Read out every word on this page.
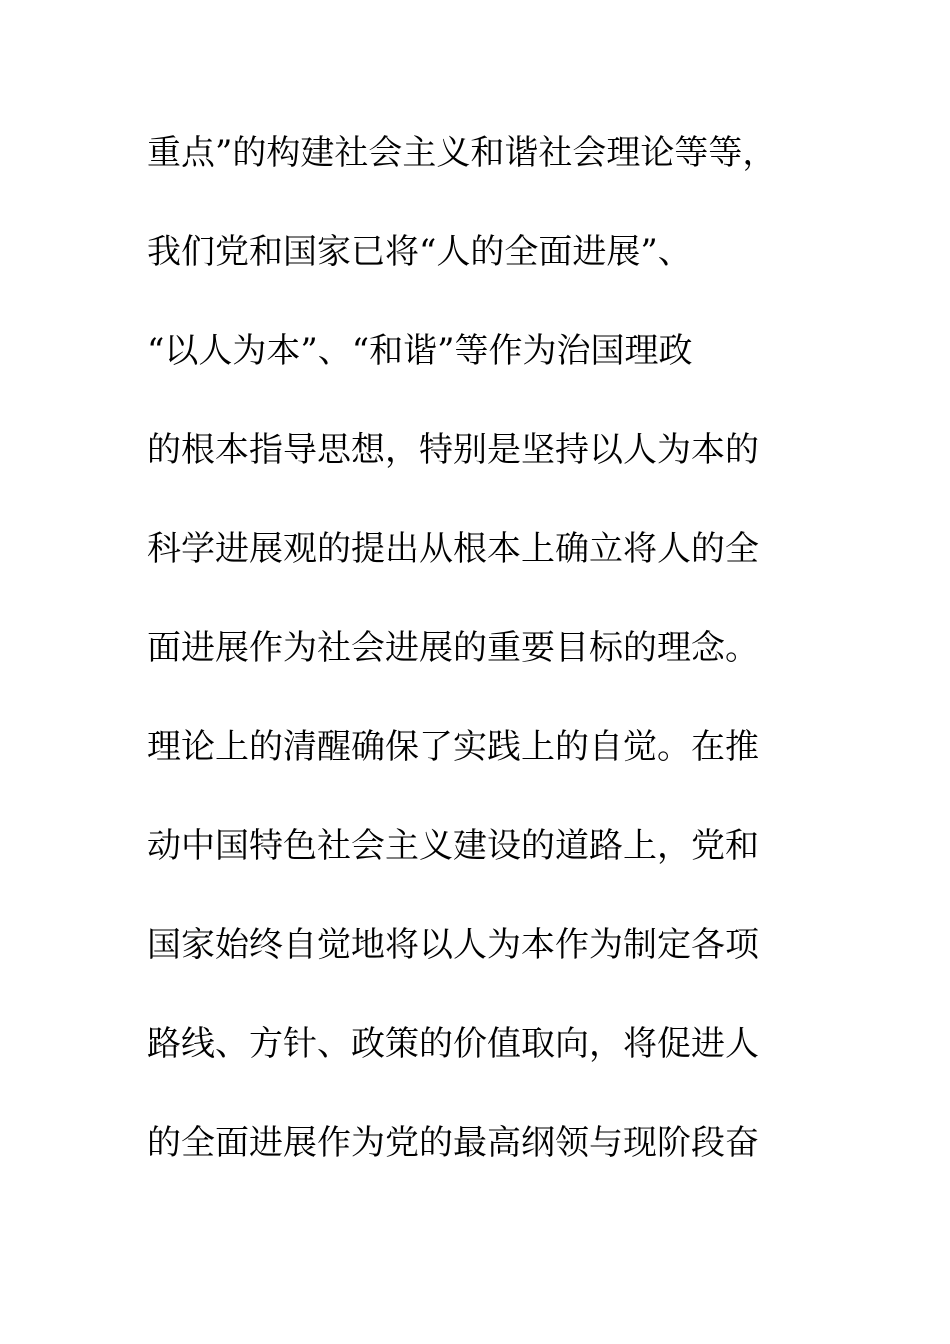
重点”的构建社会主义和谐社会理论等等，
我们党和国家已将“人的全面进展”、
“以人为本”、“和谐”等作为治国理政
的根本指导思想，特别是坚持以人为本的
科学进展观的提出从根本上确立将人的全
面进展作为社会进展的重要目标的理念。
理论上的清醒确保了实践上的自觉。在推
动中国特色社会主义建设的道路上，党和
国家始终自觉地将以人为本作为制定各项
路线、方针、政策的价值取向，将促进人
的全面进展作为党的最高纲领与现阶段奋
